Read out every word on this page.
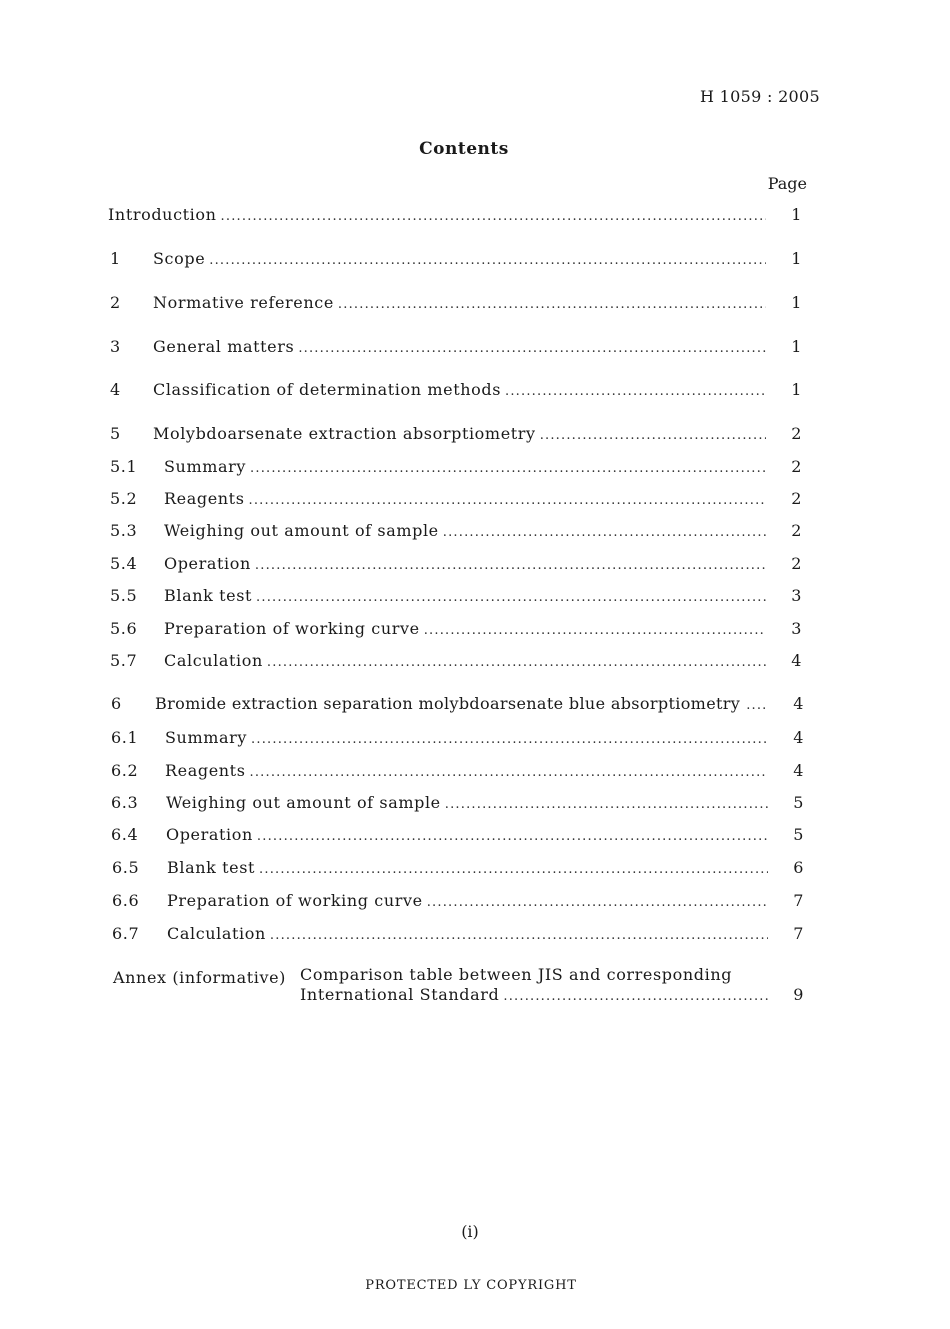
H 1059 : 2005
Contents
Page
Introduction .....	1
1	Scope .....	1
2	Normative reference .....	1
3	General matters .....	1
4	Classification of determination methods .....	1
5	Molybdoarsenate extraction absorptiometry .....	2
5.1	Summary .....	2
5.2	Reagents .....	2
5.3	Weighing out amount of sample .....	2
5.4	Operation .....	2
5.5	Blank test .....	3
5.6	Preparation of working curve .....	3
5.7	Calculation .....	4
6	Bromide extraction separation molybdoarsenate blue absorptiometry .....	4
6.1	Summary .....	4
6.2	Reagents .....	4
6.3	Weighing out amount of sample .....	5
6.4	Operation .....	5
6.5	Blank test .....	6
6.6	Preparation of working curve .....	7
6.7	Calculation .....	7
Annex (informative) Comparison table between JIS and corresponding
International Standard .....	9
(i)
PROTECTED LY COPYRIGHT
